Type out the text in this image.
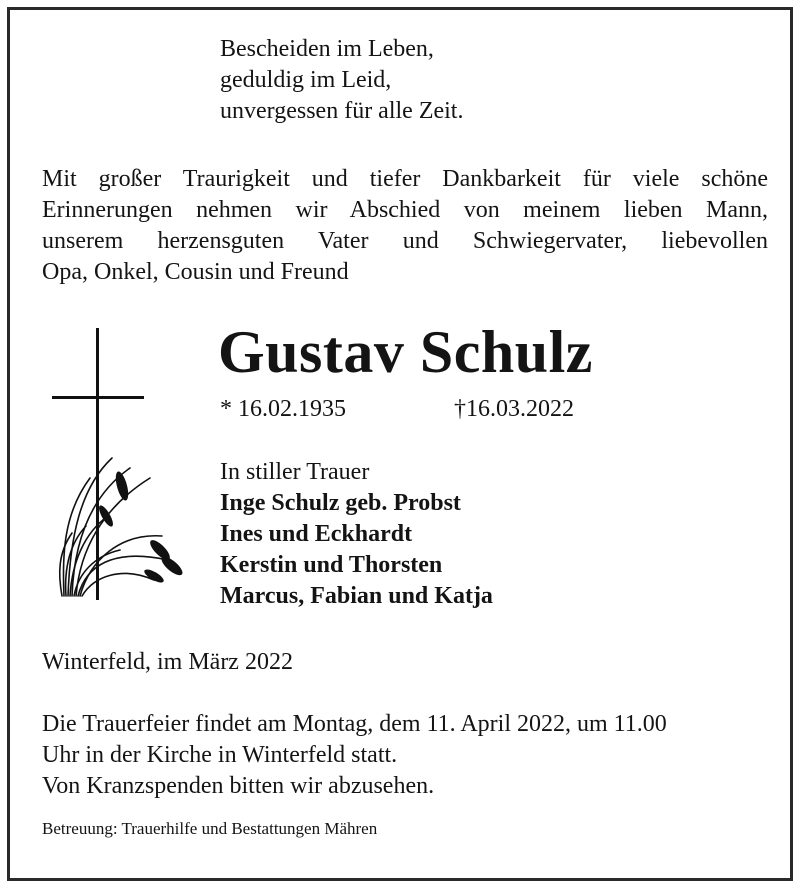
Bescheiden im Leben,
geduldig im Leid,
unvergessen für alle Zeit.
Mit großer Traurigkeit und tiefer Dankbarkeit für viele schöne
Erinnerungen nehmen wir Abschied von meinem lieben Mann,
unserem herzensguten Vater und Schwiegervater, liebevollen
Opa, Onkel, Cousin und Freund
Gustav Schulz
* 16.02.1935	†16.03.2022
In stiller Trauer
Inge Schulz geb. Probst
Ines und Eckhardt
Kerstin und Thorsten
Marcus, Fabian und Katja
Winterfeld, im März 2022
Die Trauerfeier findet am Montag, dem 11. April 2022, um 11.00
Uhr in der Kirche in Winterfeld statt.
Von Kranzspenden bitten wir abzusehen.
Betreuung: Trauerhilfe und Bestattungen Mähren
